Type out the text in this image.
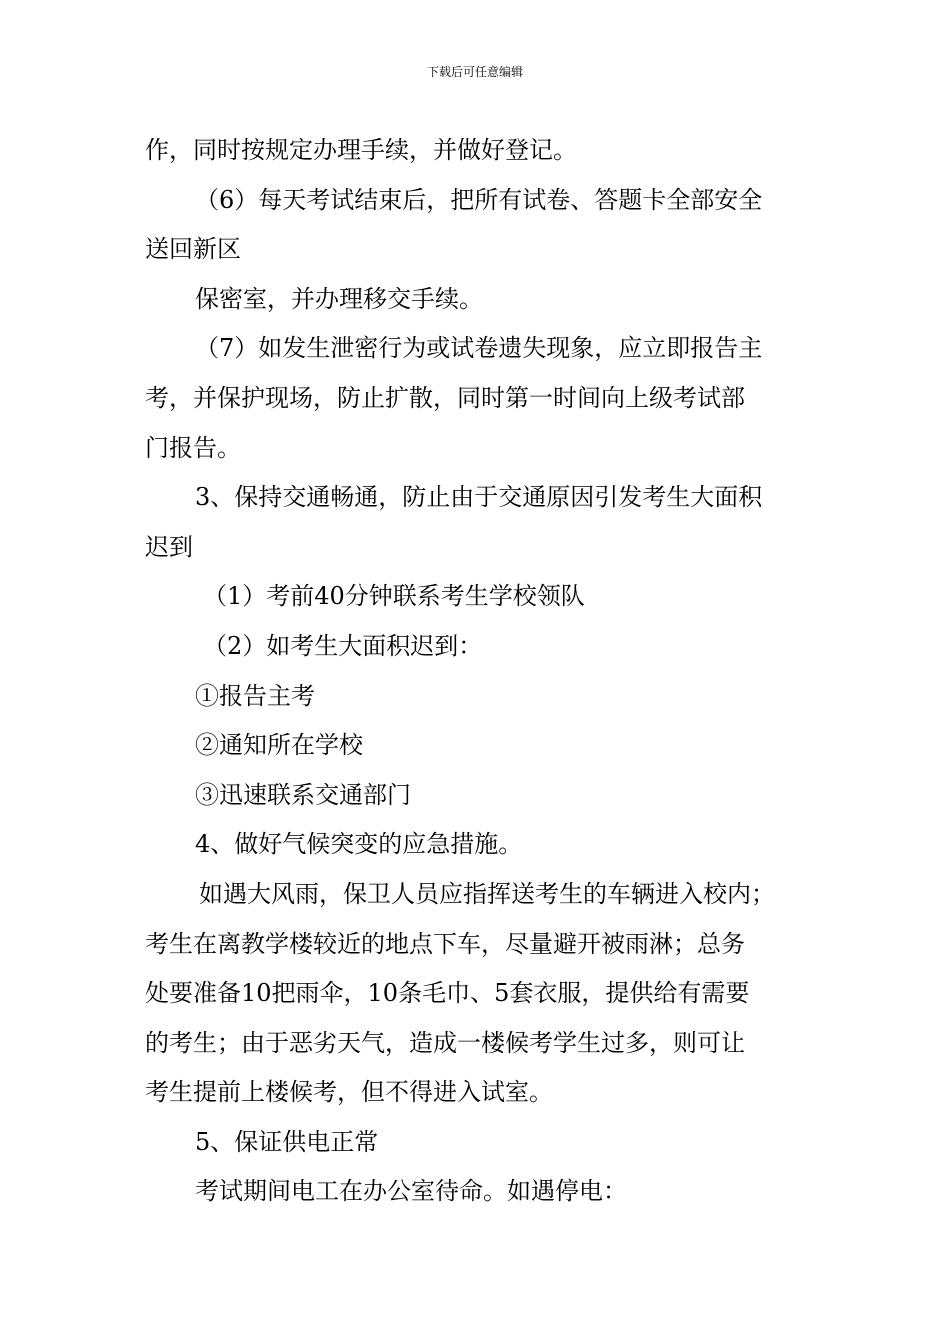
下载后可任意编辑
作，同时按规定办理手续，并做好登记。
（6）每天考试结束后，把所有试卷、答题卡全部安全
送回新区
保密室，并办理移交手续。
（7）如发生泄密行为或试卷遗失现象，应立即报告主
考，并保护现场，防止扩散，同时第一时间向上级考试部
门报告。
3、保持交通畅通，防止由于交通原因引发考生大面积
迟到
（1）考前40分钟联系考生学校领队
（2）如考生大面积迟到：
①报告主考
②通知所在学校
③迅速联系交通部门
4、做好气候突变的应急措施。
如遇大风雨，保卫人员应指挥送考生的车辆进入校内；
考生在离教学楼较近的地点下车，尽量避开被雨淋；总务
处要准备10把雨伞，10条毛巾、5套衣服，提供给有需要
的考生；由于恶劣天气，造成一楼候考学生过多，则可让
考生提前上楼候考，但不得进入试室。
5、保证供电正常
考试期间电工在办公室待命。如遇停电：
